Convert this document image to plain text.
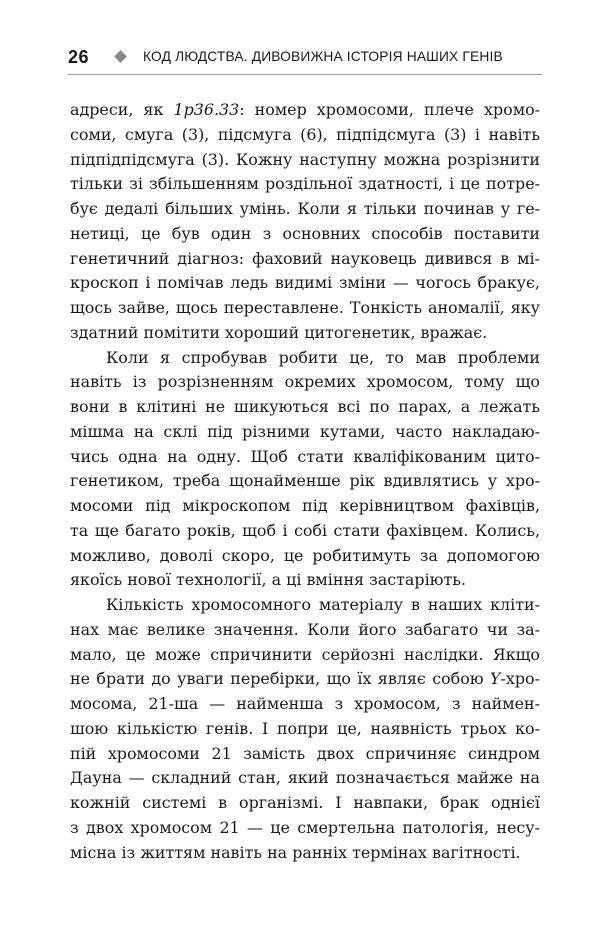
26	КОД ЛЮДСТВА. ДИВОВИЖНА ІСТОРІЯ НАШИХ ГЕНІВ

адреси, як 1p36.33: номер хромосоми, плече хромо-
соми, смуга (3), підсмуга (6), підпідсмуга (3) і навіть
підпідпідсмуга (3). Кожну наступну можна розрізнити
тільки зі збільшенням роздільної здатності, і це потре-
бує дедалі більших умінь. Коли я тільки починав у ге-
нетиці, це був один з основних способів поставити
генетичний діагноз: фаховий науковець дивився в мі-
кроскоп і помічав ледь видимі зміни — чогось бракує,
щось зайве, щось переставлене. Тонкість аномалії, яку
здатний помітити хороший цитогенетик, вражає.

Коли я спробував робити це, то мав проблеми
навіть із розрізненням окремих хромосом, тому що
вони в клітині не шикуються всі по парах, а лежать
мішма на склі під різними кутами, часто накладаю-
чись одна на одну. Щоб стати кваліфікованим цито-
генетиком, треба щонайменше рік вдивлятись у хро-
мосоми під мікроскопом під керівництвом фахівців,
та ще багато років, щоб і собі стати фахівцем. Колись,
можливо, доволі скоро, це робитимуть за допомогою
якоїсь нової технології, а ці вміння застаріють.

Кількість хромосомного матеріалу в наших кліти-
нах має велике значення. Коли його забагато чи за-
мало, це може спричинити серйозні наслідки. Якщо
не брати до уваги перебірки, що їх являє собою Y-хро-
мосома, 21-ша — найменша з хромосом, з наймен-
шою кількістю генів. І попри це, наявність трьох ко-
пій хромосоми 21 замість двох спричиняє синдром
Дауна — складний стан, який позначається майже на
кожній системі в організмі. І навпаки, брак однієї
з двох хромосом 21 — це смертельна патологія, несу-
місна із життям навіть на ранніх термінах вагітності.
